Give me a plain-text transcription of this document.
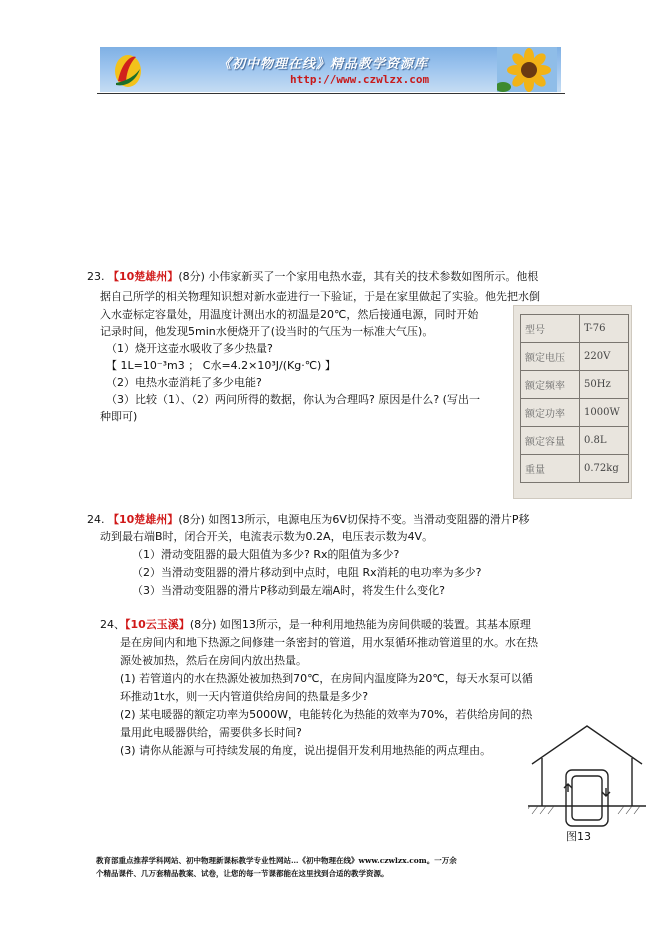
《初中物理在线》精品教学资源库
http://www.czwlzx.com
23. 【10楚雄州】(8分) 小伟家新买了一个家用电热水壶，其有关的技术参数如图所示。他根
据自己所学的相关物理知识想对新水壶进行一下验证，于是在家里做起了实验。他先把水倒
入水壶标定容量处，用温度计测出水的初温是20℃，然后接通电源，同时开始
记录时间，他发现5min水便烧开了(设当时的气压为一标准大气压)。
（1）烧开这壶水吸收了多少热量?
【 1L=10⁻³m3 ； C水=4.2×10³J/(Kg·℃) 】
（2）电热水壶消耗了多少电能?
（3）比较（1）、（2）两问所得的数据，你认为合理吗? 原因是什么? (写出一
种即可)
型号	T-76
额定电压	220V
额定频率	50Hz
额定功率	1000W
额定容量	0.8L
重量	0.72kg
24. 【10楚雄州】(8分) 如图13所示，电源电压为6V切保持不变。当滑动变阻器的滑片P移
动到最右端B时，闭合开关，电流表示数为0.2A，电压表示数为4V。
（1）滑动变阻器的最大阻值为多少? Rx的阻值为多少?
（2）当滑动变阻器的滑片移动到中点时，电阻 Rx消耗的电功率为多少?
（3）当滑动变阻器的滑片P移动到最左端A时，将发生什么变化?
24、【10云玉溪】(8分) 如图13所示，是一种利用地热能为房间供暖的装置。其基本原理
是在房间内和地下热源之间修建一条密封的管道，用水泵循环推动管道里的水。水在热
源处被加热，然后在房间内放出热量。
(1) 若管道内的水在热源处被加热到70℃，在房间内温度降为20℃，每天水泵可以循
环推动1t水，则一天内管道供给房间的热量是多少?
(2) 某电暖器的额定功率为5000W，电能转化为热能的效率为70%，若供给房间的热
量用此电暖器供给，需要供多长时间?
(3) 请你从能源与可持续发展的角度，说出提倡开发利用地热能的两点理由。
图13
教育部重点推荐学科网站、初中物理新课标教学专业性网站…《初中物理在线》www.czwlzx.com。一万余
个精品课件、几万套精品教案、试卷，让您的每一节课都能在这里找到合适的教学资源。
